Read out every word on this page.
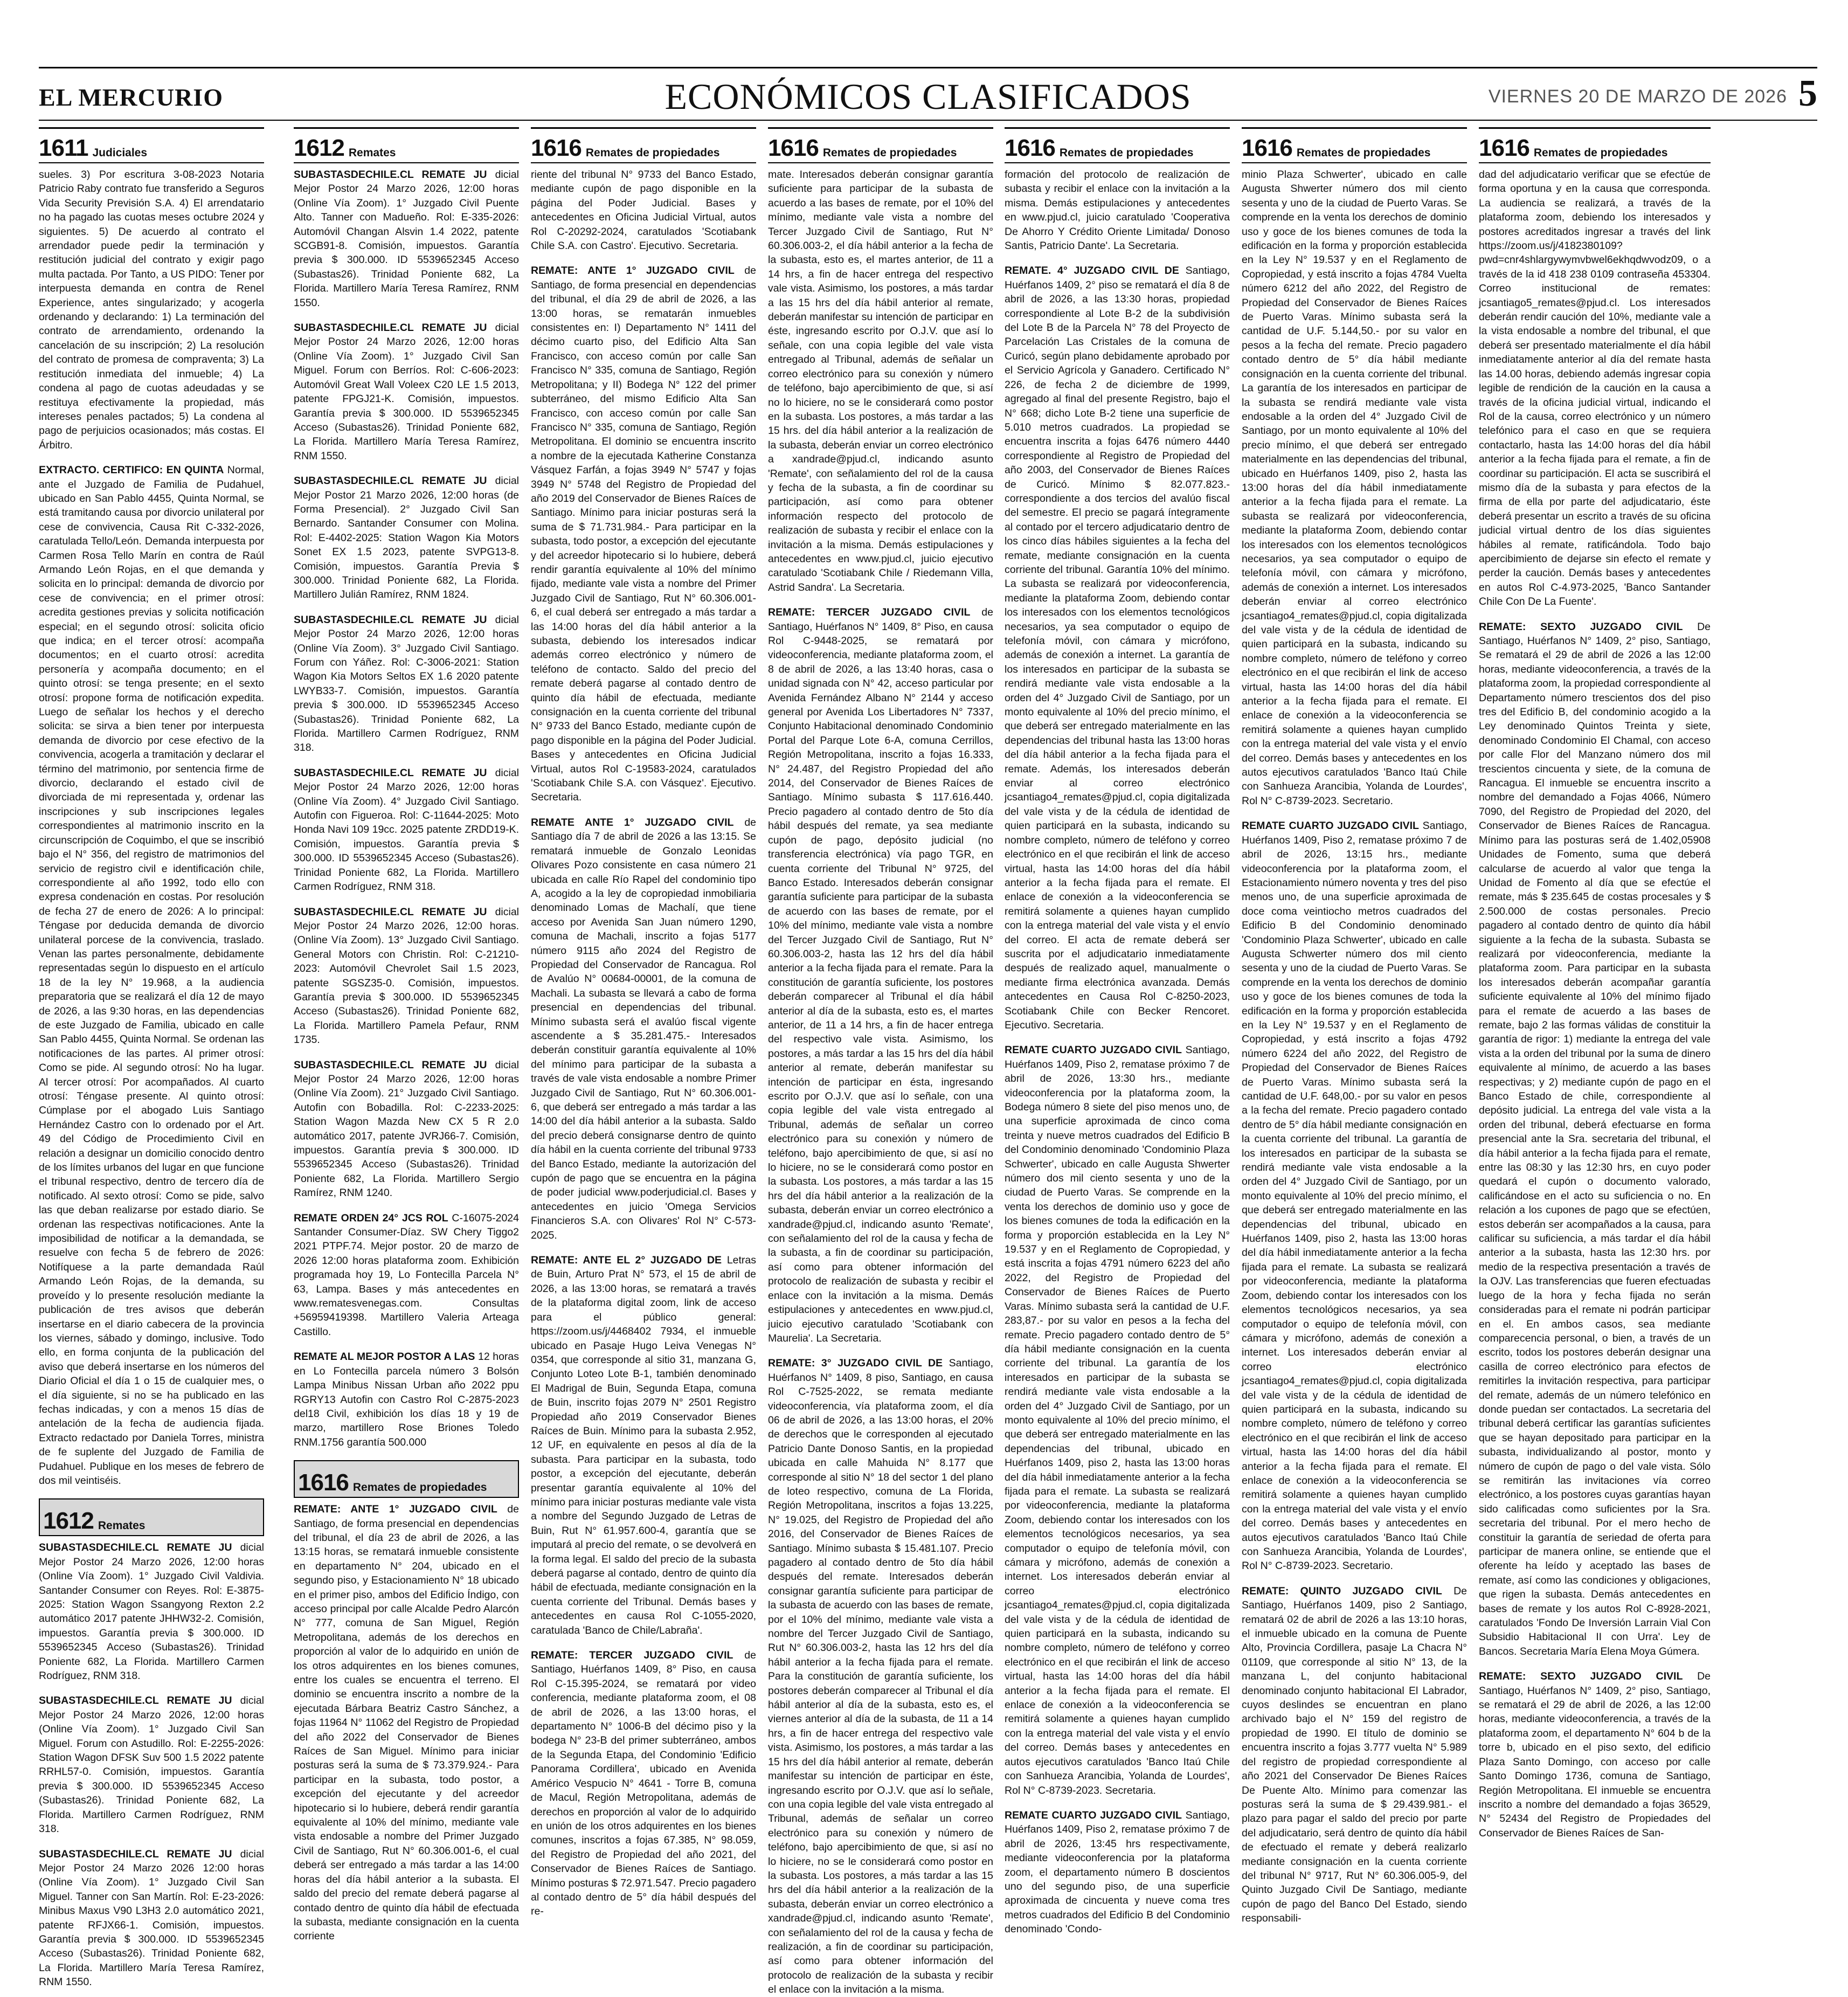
EL MERCURIO	ECONÓMICOS CLASIFICADOS	VIERNES 20 DE MARZO DE 2026 5
1611 Judiciales

sueles. 3) Por escritura 3-08-2023 Notaria Patricio Raby contrato fue transferido a Seguros Vida Security Previsión S.A. 4) El arrendatario no ha pagado las cuotas meses octubre 2024 y siguientes. 5) De acuerdo al contrato el arrendador puede pedir la terminación y restitución judicial del contrato y exigir pago multa pactada. Por Tanto, a US PIDO: Tener por interpuesta demanda en contra de Renel Experience, antes singularizado; y acogerla ordenando y declarando: 1) La terminación del contrato de arrendamiento, ordenando la cancelación de su inscripción; 2) La resolución del contrato de promesa de compraventa; 3) La restitución inmediata del inmueble; 4) La condena al pago de cuotas adeudadas y se restituya efectivamente la propiedad, más intereses penales pactados; 5) La condena al pago de perjuicios ocasionados; más costas. El Árbitro.

EXTRACTO. CERTIFICO: EN QUINTA Normal, ante el Juzgado de Familia de Pudahuel, ubicado en San Pablo 4455, Quinta Normal, se está tramitando causa por divorcio unilateral por cese de convivencia, Causa Rit C-332-2026, caratulada Tello/León. Demanda interpuesta por Carmen Rosa Tello Marín en contra de Raúl Armando León Rojas, en el que demanda y solicita en lo principal: demanda de divorcio por cese de convivencia; en el primer otrosí: acredita gestiones previas y solicita notificación especial; en el segundo otrosí: solicita oficio que indica; en el tercer otrosí: acompaña documentos; en el cuarto otrosí: acredita personería y acompaña documento; en el quinto otrosí: se tenga presente; en el sexto otrosí: propone forma de notificación expedita. Luego de señalar los hechos y el derecho solicita: se sirva a bien tener por interpuesta demanda de divorcio por cese efectivo de la convivencia, acogerla a tramitación y declarar el término del matrimonio, por sentencia firme de divorcio, declarando el estado civil de divorciada de mi representada y, ordenar las inscripciones y sub inscripciones legales correspondientes al matrimonio inscrito en la circunscripción de Coquimbo, el que se inscribió bajo el N° 356, del registro de matrimonios del servicio de registro civil e identificación chile, correspondiente al año 1992, todo ello con expresa condenación en costas. Por resolución de fecha 27 de enero de 2026: A lo principal: Téngase por deducida demanda de divorcio unilateral porcese de la convivencia, traslado. Venan las partes personalmente, debidamente representadas según lo dispuesto en el artículo 18 de la ley N° 19.968, a la audiencia preparatoria que se realizará el día 12 de mayo de 2026, a las 9:30 horas, en las dependencias de este Juzgado de Familia, ubicado en calle San Pablo 4455, Quinta Normal. Se ordenan las notificaciones de las partes. Al primer otrosí: Como se pide. Al segundo otrosí: No ha lugar. Al tercer otrosí: Por acompañados. Al cuarto otrosí: Téngase presente. Al quinto otrosí: Cúmplase por el abogado Luis Santiago Hernández Castro con lo ordenado por el Art. 49 del Código de Procedimiento Civil en relación a designar un domicilio conocido dentro de los límites urbanos del lugar en que funcione el tribunal respectivo, dentro de tercero día de notificado. Al sexto otrosí: Como se pide, salvo las que deban realizarse por estado diario. Se ordenan las respectivas notificaciones. Ante la imposibilidad de notificar a la demandada, se resuelve con fecha 5 de febrero de 2026: Notifíquese a la parte demandada Raúl Armando León Rojas, de la demanda, su proveído y lo presente resolución mediante la publicación de tres avisos que deberán insertarse en el diario cabecera de la provincia los viernes, sábado y domingo, inclusive. Todo ello, en forma conjunta de la publicación del aviso que deberá insertarse en los números del Diario Oficial el día 1 o 15 de cualquier mes, o el día siguiente, si no se ha publicado en las fechas indicadas, y con a menos 15 días de antelación de la fecha de audiencia fijada. Extracto redactado por Daniela Torres, ministra de fe suplente del Juzgado de Familia de Pudahuel. Publique en los meses de febrero de dos mil veintiséis.

1612 Remates

SUBASTASDECHILE.CL REMATE JU dicial Mejor Postor 24 Marzo 2026, 12:00 horas (Online Vía Zoom). 1° Juzgado Civil Valdivia. Santander Consumer con Reyes. Rol: E-3875-2025: Station Wagon Ssangyong Rexton 2.2 automático 2017 patente JHHW32-2. Comisión, impuestos. Garantía previa $ 300.000. ID 5539652345 Acceso (Subastas26). Trinidad Poniente 682, La Florida. Martillero Carmen Rodríguez, RNM 318.

SUBASTASDECHILE.CL REMATE JU dicial Mejor Postor 24 Marzo 2026, 12:00 horas (Online Vía Zoom). 1° Juzgado Civil San Miguel. Forum con Astudillo. Rol: E-2255-2026: Station Wagon DFSK Suv 500 1.5 2022 patente RRHL57-0. Comisión, impuestos. Garantía previa $ 300.000. ID 5539652345 Acceso (Subastas26). Trinidad Poniente 682, La Florida. Martillero Carmen Rodríguez, RNM 318.

SUBASTASDECHILE.CL REMATE JU dicial Mejor Postor 24 Marzo 2026 12:00 horas (Online Vía Zoom). 1° Juzgado Civil San Miguel. Tanner con San Martín. Rol: E-23-2026: Minibus Maxus V90 L3H3 2.0 automático 2021, patente RFJX66-1. Comisión, impuestos. Garantía previa $ 300.000. ID 5539652345 Acceso (Subastas26). Trinidad Poniente 682, La Florida. Martillero María Teresa Ramírez, RNM 1550.

1612 Remates

SUBASTASDECHILE.CL REMATE JU dicial Mejor Postor 24 Marzo 2026, 12:00 horas (Online Vía Zoom). 1° Juzgado Civil Puente Alto. Tanner con Madueño. Rol: E-335-2026: Automóvil Changan Alsvin 1.4 2022, patente SCGB91-8. Comisión, impuestos. Garantía previa $ 300.000. ID 5539652345 Acceso (Subastas26). Trinidad Poniente 682, La Florida. Martillero María Teresa Ramírez, RNM 1550.

SUBASTASDECHILE.CL REMATE JU dicial Mejor Postor 24 Marzo 2026, 12:00 horas (Online Vía Zoom). 1° Juzgado Civil San Miguel. Forum con Berríos. Rol: C-606-2023: Automóvil Great Wall Voleex C20 LE 1.5 2013, patente FPGJ21-K. Comisión, impuestos. Garantía previa $ 300.000. ID 5539652345 Acceso (Subastas26). Trinidad Poniente 682, La Florida. Martillero María Teresa Ramírez, RNM 1550.

SUBASTASDECHILE.CL REMATE JU dicial Mejor Postor 21 Marzo 2026, 12:00 horas (de Forma Presencial). 2° Juzgado Civil San Bernardo. Santander Consumer con Molina. Rol: E-4402-2025: Station Wagon Kia Motors Sonet EX 1.5 2023, patente SVPG13-8. Comisión, impuestos. Garantía Previa $ 300.000. Trinidad Poniente 682, La Florida. Martillero Julián Ramírez, RNM 1824.

SUBASTASDECHILE.CL REMATE JU dicial Mejor Postor 24 Marzo 2026, 12:00 horas (Online Vía Zoom). 3° Juzgado Civil Santiago. Forum con Yáñez. Rol: C-3006-2021: Station Wagon Kia Motors Seltos EX 1.6 2020 patente LWYB33-7. Comisión, impuestos. Garantía previa $ 300.000. ID 5539652345 Acceso (Subastas26). Trinidad Poniente 682, La Florida. Martillero Carmen Rodríguez, RNM 318.

SUBASTASDECHILE.CL REMATE JU dicial Mejor Postor 24 Marzo 2026, 12:00 horas (Online Vía Zoom). 4° Juzgado Civil Santiago. Autofin con Figueroa. Rol: C-11644-2025: Moto Honda Navi 109 19cc. 2025 patente ZRDD19-K. Comisión, impuestos. Garantía previa $ 300.000. ID 5539652345 Acceso (Subastas26). Trinidad Poniente 682, La Florida. Martillero Carmen Rodríguez, RNM 318.

SUBASTASDECHILE.CL REMATE JU dicial Mejor Postor 24 Marzo 2026, 12:00 horas. (Online Vía Zoom). 13° Juzgado Civil Santiago. General Motors con Christin. Rol: C-21210-2023: Automóvil Chevrolet Sail 1.5 2023, patente SGSZ35-0. Comisión, impuestos. Garantía previa $ 300.000. ID 5539652345 Acceso (Subastas26). Trinidad Poniente 682, La Florida. Martillero Pamela Pefaur, RNM 1735.

SUBASTASDECHILE.CL REMATE JU dicial Mejor Postor 24 Marzo 2026, 12:00 horas (Online Vía Zoom). 21° Juzgado Civil Santiago. Autofin con Bobadilla. Rol: C-2233-2025: Station Wagon Mazda New CX 5 R 2.0 automático 2017, patente JVRJ66-7. Comisión, impuestos. Garantía previa $ 300.000. ID 5539652345 Acceso (Subastas26). Trinidad Poniente 682, La Florida. Martillero Sergio Ramírez, RNM 1240.

REMATE ORDEN 24° JCS ROL C-16075-2024 Santander Consumer-Díaz. SW Chery Tiggo2 2021 PTPF.74. Mejor postor. 20 de marzo de 2026 12:00 horas plataforma zoom. Exhibición programada hoy 19, Lo Fontecilla Parcela N° 63, Lampa. Bases y más antecedentes en www.rematesvenegas.com. Consultas +56959419398. Martillero Valeria Arteaga Castillo.

REMATE AL MEJOR POSTOR A LAS 12 horas en Lo Fontecilla parcela número 3 Bolsón Lampa Minibus Nissan Urban año 2022 ppu RGRY13 Autofin con Castro Rol C-2875-2023 del18 Civil, exhibición los días 18 y 19 de marzo, martillero Rose Briones Toledo RNM.1756 garantía 500.000

1616 Remates de propiedades

REMATE: ANTE 1° JUZGADO CIVIL de Santiago, de forma presencial en dependencias del tribunal, el día 23 de abril de 2026, a las 13:15 horas, se rematará inmueble consistente en departamento N° 204, ubicado en el segundo piso, y Estacionamiento N° 18 ubicado en el primer piso, ambos del Edificio Índigo, con acceso principal por calle Alcalde Pedro Alarcón N° 777, comuna de San Miguel, Región Metropolitana, además de los derechos en proporción al valor de lo adquirido en unión de los otros adquirentes en los bienes comunes, entre los cuales se encuentra el terreno. El dominio se encuentra inscrito a nombre de la ejecutada Bárbara Beatriz Castro Sánchez, a fojas 11964 N° 11062 del Registro de Propiedad del año 2022 del Conservador de Bienes Raíces de San Miguel. Mínimo para iniciar posturas será la suma de $ 73.379.924.- Para participar en la subasta, todo postor, a excepción del ejecutante y del acreedor hipotecario si lo hubiere, deberá rendir garantía equivalente al 10% del mínimo, mediante vale vista endosable a nombre del Primer Juzgado Civil de Santiago, Rut N° 60.306.001-6, el cual deberá ser entregado a más tardar a las 14:00 horas del día hábil anterior a la subasta. El saldo del precio del remate deberá pagarse al contado dentro de quinto día hábil de efectuada la subasta, mediante consignación en la cuenta corriente

1616 Remates de propiedades

riente del tribunal N° 9733 del Banco Estado, mediante cupón de pago disponible en la página del Poder Judicial. Bases y antecedentes en Oficina Judicial Virtual, autos Rol C-20292-2024, caratulados 'Scotiabank Chile S.A. con Castro'. Ejecutivo. Secretaria.

REMATE: ANTE 1° JUZGADO CIVIL de Santiago, de forma presencial en dependencias del tribunal, el día 29 de abril de 2026, a las 13:00 horas, se rematarán inmuebles consistentes en: I) Departamento N° 1411 del décimo cuarto piso, del Edificio Alta San Francisco, con acceso común por calle San Francisco N° 335, comuna de Santiago, Región Metropolitana; y II) Bodega N° 122 del primer subterráneo, del mismo Edificio Alta San Francisco, con acceso común por calle San Francisco N° 335, comuna de Santiago, Región Metropolitana. El dominio se encuentra inscrito a nombre de la ejecutada Katherine Constanza Vásquez Farfán, a fojas 3949 N° 5747 y fojas 3949 N° 5748 del Registro de Propiedad del año 2019 del Conservador de Bienes Raíces de Santiago. Mínimo para iniciar posturas será la suma de $ 71.731.984.- Para participar en la subasta, todo postor, a excepción del ejecutante y del acreedor hipotecario si lo hubiere, deberá rendir garantía equivalente al 10% del mínimo fijado, mediante vale vista a nombre del Primer Juzgado Civil de Santiago, Rut N° 60.306.001-6, el cual deberá ser entregado a más tardar a las 14:00 horas del día hábil anterior a la subasta, debiendo los interesados indicar además correo electrónico y número de teléfono de contacto. Saldo del precio del remate deberá pagarse al contado dentro de quinto día hábil de efectuada, mediante consignación en la cuenta corriente del tribunal N° 9733 del Banco Estado, mediante cupón de pago disponible en la página del Poder Judicial. Bases y antecedentes en Oficina Judicial Virtual, autos Rol C-19583-2024, caratulados 'Scotiabank Chile S.A. con Vásquez'. Ejecutivo. Secretaria.

REMATE ANTE 1° JUZGADO CIVIL de Santiago día 7 de abril de 2026 a las 13:15. Se rematará inmueble de Gonzalo Leonidas Olivares Pozo consistente en casa número 21 ubicada en calle Río Rapel del condominio tipo A, acogido a la ley de copropiedad inmobiliaria denominado Lomas de Machalí, que tiene acceso por Avenida San Juan número 1290, comuna de Machali, inscrito a fojas 5177 número 9115 año 2024 del Registro de Propiedad del Conservador de Rancagua. Rol de Avalúo N° 00684-00001, de la comuna de Machali. La subasta se llevará a cabo de forma presencial en dependencias del tribunal. Mínimo subasta será el avalúo fiscal vigente ascendente a $ 35.281.475.- Interesados deberán constituir garantía equivalente al 10% del mínimo para participar de la subasta a través de vale vista endosable a nombre Primer Juzgado Civil de Santiago, Rut N° 60.306.001-6, que deberá ser entregado a más tardar a las 14:00 del día hábil anterior a la subasta. Saldo del precio deberá consignarse dentro de quinto día hábil en la cuenta corriente del tribunal 9733 del Banco Estado, mediante la autorización del cupón de pago que se encuentra en la página de poder judicial www.poderjudicial.cl. Bases y antecedentes en juicio 'Omega Servicios Financieros S.A. con Olivares' Rol N° C-573-2025.

REMATE: ANTE EL 2° JUZGADO DE Letras de Buin, Arturo Prat N° 573, el 15 de abril de 2026, a las 13:00 horas, se rematará a través de la plataforma digital zoom, link de acceso para el público general: https://zoom.us/j/4468402 7934, el inmueble ubicado en Pasaje Hugo Leiva Venegas N° 0354, que corresponde al sitio 31, manzana G, Conjunto Loteo Lote B-1, también denominado El Madrigal de Buin, Segunda Etapa, comuna de Buin, inscrito fojas 2079 N° 2501 Registro Propiedad año 2019 Conservador Bienes Raíces de Buin. Mínimo para la subasta 2.952, 12 UF, en equivalente en pesos al día de la subasta. Para participar en la subasta, todo postor, a excepción del ejecutante, deberán presentar garantía equivalente al 10% del mínimo para iniciar posturas mediante vale vista a nombre del Segundo Juzgado de Letras de Buin, Rut N° 61.957.600-4, garantía que se imputará al precio del remate, o se devolverá en la forma legal. El saldo del precio de la subasta deberá pagarse al contado, dentro de quinto día hábil de efectuada, mediante consignación en la cuenta corriente del Tribunal. Demás bases y antecedentes en causa Rol C-1055-2020, caratulada 'Banco de Chile/Labraña'.

REMATE: TERCER JUZGADO CIVIL de Santiago, Huérfanos 1409, 8° Piso, en causa Rol C-15.395-2024, se rematará por video conferencia, mediante plataforma zoom, el 08 de abril de 2026, a las 13:00 horas, el departamento N° 1006-B del décimo piso y la bodega N° 23-B del primer subterráneo, ambos de la Segunda Etapa, del Condominio 'Edificio Panorama Cordillera', ubicado en Avenida Américo Vespucio N° 4641 - Torre B, comuna de Macul, Región Metropolitana, además de derechos en proporción al valor de lo adquirido en unión de los otros adquirentes en los bienes comunes, inscritos a fojas 67.385, N° 98.059, del Registro de Propiedad del año 2021, del Conservador de Bienes Raíces de Santiago. Mínimo posturas $ 72.971.547. Precio pagadero al contado dentro de 5° día hábil después del re-

1616 Remates de propiedades

mate. Interesados deberán consignar garantía suficiente para participar de la subasta de acuerdo a las bases de remate, por el 10% del mínimo, mediante vale vista a nombre del Tercer Juzgado Civil de Santiago, Rut N° 60.306.003-2, el día hábil anterior a la fecha de la subasta, esto es, el martes anterior, de 11 a 14 hrs, a fin de hacer entrega del respectivo vale vista. Asimismo, los postores, a más tardar a las 15 hrs del día hábil anterior al remate, deberán manifestar su intención de participar en éste, ingresando escrito por O.J.V. que así lo señale, con una copia legible del vale vista entregado al Tribunal, además de señalar un correo electrónico para su conexión y número de teléfono, bajo apercibimiento de que, si así no lo hiciere, no se le considerará como postor en la subasta. Los postores, a más tardar a las 15 hrs. del día hábil anterior a la realización de la subasta, deberán enviar un correo electrónico a xandrade@pjud.cl, indicando asunto 'Remate', con señalamiento del rol de la causa y fecha de la subasta, a fin de coordinar su participación, así como para obtener información respecto del protocolo de realización de subasta y recibir el enlace con la invitación a la misma. Demás estipulaciones y antecedentes en www.pjud.cl, juicio ejecutivo caratulado 'Scotiabank Chile / Riedemann Villa, Astrid Sandra'. La Secretaria.

REMATE: TERCER JUZGADO CIVIL de Santiago, Huérfanos N° 1409, 8° Piso, en causa Rol C-9448-2025, se rematará por videoconferencia, mediante plataforma zoom, el 8 de abril de 2026, a las 13:40 horas, casa o unidad signada con N° 42, acceso particular por Avenida Fernández Albano N° 2144 y acceso general por Avenida Los Libertadores N° 7337, Conjunto Habitacional denominado Condominio Portal del Parque Lote 6-A, comuna Cerrillos, Región Metropolitana, inscrito a fojas 16.333, N° 24.487, del Registro Propiedad del año 2014, del Conservador de Bienes Raíces de Santiago. Mínimo subasta $ 117.616.440. Precio pagadero al contado dentro de 5to día hábil después del remate, ya sea mediante cupón de pago, depósito judicial (no transferencia electrónica) vía pago TGR, en cuenta corriente del Tribunal N° 9725, del Banco Estado. Interesados deberán consignar garantía suficiente para participar de la subasta de acuerdo con las bases de remate, por el 10% del mínimo, mediante vale vista a nombre del Tercer Juzgado Civil de Santiago, Rut N° 60.306.003-2, hasta las 12 hrs del día hábil anterior a la fecha fijada para el remate. Para la constitución de garantía suficiente, los postores deberán comparecer al Tribunal el día hábil anterior al día de la subasta, esto es, el martes anterior, de 11 a 14 hrs, a fin de hacer entrega del respectivo vale vista. Asimismo, los postores, a más tardar a las 15 hrs del día hábil anterior al remate, deberán manifestar su intención de participar en ésta, ingresando escrito por O.J.V. que así lo señale, con una copia legible del vale vista entregado al Tribunal, además de señalar un correo electrónico para su conexión y número de teléfono, bajo apercibimiento de que, si así no lo hiciere, no se le considerará como postor en la subasta. Los postores, a más tardar a las 15 hrs del día hábil anterior a la realización de la subasta, deberán enviar un correo electrónico a xandrade@pjud.cl, indicando asunto 'Remate', con señalamiento del rol de la causa y fecha de la subasta, a fin de coordinar su participación, así como para obtener información del protocolo de realización de subasta y recibir el enlace con la invitación a la misma. Demás estipulaciones y antecedentes en www.pjud.cl, juicio ejecutivo caratulado 'Scotiabank con Maurelia'. La Secretaria.

REMATE: 3° JUZGADO CIVIL DE Santiago, Huérfanos N° 1409, 8 piso, Santiago, en causa Rol C-7525-2022, se remata mediante videoconferencia, vía plataforma zoom, el día 06 de abril de 2026, a las 13:00 horas, el 20% de derechos que le corresponden al ejecutado Patricio Dante Donoso Santis, en la propiedad ubicada en calle Mahuida N° 8.177 que corresponde al sitio N° 18 del sector 1 del plano de loteo respectivo, comuna de La Florida, Región Metropolitana, inscritos a fojas 13.225, N° 19.025, del Registro de Propiedad del año 2016, del Conservador de Bienes Raíces de Santiago. Mínimo subasta $ 15.481.107. Precio pagadero al contado dentro de 5to día hábil después del remate. Interesados deberán consignar garantía suficiente para participar de la subasta de acuerdo con las bases de remate, por el 10% del mínimo, mediante vale vista a nombre del Tercer Juzgado Civil de Santiago, Rut N° 60.306.003-2, hasta las 12 hrs del día hábil anterior a la fecha fijada para el remate. Para la constitución de garantía suficiente, los postores deberán comparecer al Tribunal el día hábil anterior al día de la subasta, esto es, el viernes anterior al día de la subasta, de 11 a 14 hrs, a fin de hacer entrega del respectivo vale vista. Asimismo, los postores, a más tardar a las 15 hrs del día hábil anterior al remate, deberán manifestar su intención de participar en éste, ingresando escrito por O.J.V. que así lo señale, con una copia legible del vale vista entregado al Tribunal, además de señalar un correo electrónico para su conexión y número de teléfono, bajo apercibimiento de que, si así no lo hiciere, no se le considerará como postor en la subasta. Los postores, a más tardar a las 15 hrs del día hábil anterior a la realización de la subasta, deberán enviar un correo electrónico a xandrade@pjud.cl, indicando asunto 'Remate', con señalamiento del rol de la causa y fecha de realización, a fin de coordinar su participación, así como para obtener información del protocolo de realización de la subasta y recibir el enlace con la invitación a la misma.

1616 Remates de propiedades

formación del protocolo de realización de subasta y recibir el enlace con la invitación a la misma. Demás estipulaciones y antecedentes en www.pjud.cl, juicio caratulado 'Cooperativa De Ahorro Y Crédito Oriente Limitada/ Donoso Santis, Patricio Dante'. La Secretaria.

REMATE. 4° JUZGADO CIVIL DE Santiago, Huérfanos 1409, 2° piso se rematará el día 8 de abril de 2026, a las 13:30 horas, propiedad correspondiente al Lote B-2 de la subdivisión del Lote B de la Parcela N° 78 del Proyecto de Parcelación Las Cristales de la comuna de Curicó, según plano debidamente aprobado por el Servicio Agrícola y Ganadero. Certificado N° 226, de fecha 2 de diciembre de 1999, agregado al final del presente Registro, bajo el N° 668; dicho Lote B-2 tiene una superficie de 5.010 metros cuadrados. La propiedad se encuentra inscrita a fojas 6476 número 4440 correspondiente al Registro de Propiedad del año 2003, del Conservador de Bienes Raíces de Curicó. Mínimo $ 82.077.823.- correspondiente a dos tercios del avalúo fiscal del semestre. El precio se pagará íntegramente al contado por el tercero adjudicatario dentro de los cinco días hábiles siguientes a la fecha del remate, mediante consignación en la cuenta corriente del tribunal. Garantía 10% del mínimo. La subasta se realizará por videoconferencia, mediante la plataforma Zoom, debiendo contar los interesados con los elementos tecnológicos necesarios, ya sea computador o equipo de telefonía móvil, con cámara y micrófono, además de conexión a internet. La garantía de los interesados en participar de la subasta se rendirá mediante vale vista endosable a la orden del 4° Juzgado Civil de Santiago, por un monto equivalente al 10% del precio mínimo, el que deberá ser entregado materialmente en las dependencias del tribunal hasta las 13:00 horas del día hábil anterior a la fecha fijada para el remate. Además, los interesados deberán enviar al correo electrónico jcsantiago4_remates@pjud.cl, copia digitalizada del vale vista y de la cédula de identidad de quien participará en la subasta, indicando su nombre completo, número de teléfono y correo electrónico en el que recibirán el link de acceso virtual, hasta las 14:00 horas del día hábil anterior a la fecha fijada para el remate. El enlace de conexión a la videoconferencia se remitirá solamente a quienes hayan cumplido con la entrega material del vale vista y el envío del correo. El acta de remate deberá ser suscrita por el adjudicatario inmediatamente después de realizado aquel, manualmente o mediante firma electrónica avanzada. Demás antecedentes en Causa Rol C-8250-2023, Scotiabank Chile con Becker Rencoret. Ejecutivo. Secretaria.

REMATE CUARTO JUZGADO CIVIL Santiago, Huérfanos 1409, Piso 2, rematase próximo 7 de abril de 2026, 13:30 hrs., mediante videoconferencia por la plataforma zoom, la Bodega número 8 siete del piso menos uno, de una superficie aproximada de cinco coma treinta y nueve metros cuadrados del Edificio B del Condominio denominado 'Condominio Plaza Schwerter', ubicado en calle Augusta Shwerter número dos mil ciento sesenta y uno de la ciudad de Puerto Varas. Se comprende en la venta los derechos de dominio uso y goce de los bienes comunes de toda la edificación en la forma y proporción establecida en la Ley N° 19.537 y en el Reglamento de Copropiedad, y está inscrita a fojas 4791 número 6223 del año 2022, del Registro de Propiedad del Conservador de Bienes Raíces de Puerto Varas. Mínimo subasta será la cantidad de U.F. 283,87.- por su valor en pesos a la fecha del remate. Precio pagadero contado dentro de 5° día hábil mediante consignación en la cuenta corriente del tribunal. La garantía de los interesados en participar de la subasta se rendirá mediante vale vista endosable a la orden del 4° Juzgado Civil de Santiago, por un monto equivalente al 10% del precio mínimo, el que deberá ser entregado materialmente en las dependencias del tribunal, ubicado en Huérfanos 1409, piso 2, hasta las 13:00 horas del día hábil inmediatamente anterior a la fecha fijada para el remate. La subasta se realizará por videoconferencia, mediante la plataforma Zoom, debiendo contar los interesados con los elementos tecnológicos necesarios, ya sea computador o equipo de telefonía móvil, con cámara y micrófono, además de conexión a internet. Los interesados deberán enviar al correo electrónico jcsantiago4_remates@pjud.cl, copia digitalizada del vale vista y de la cédula de identidad de quien participará en la subasta, indicando su nombre completo, número de teléfono y correo electrónico en el que recibirán el link de acceso virtual, hasta las 14:00 horas del día hábil anterior a la fecha fijada para el remate. El enlace de conexión a la videoconferencia se remitirá solamente a quienes hayan cumplido con la entrega material del vale vista y el envío del correo. Demás bases y antecedentes en autos ejecutivos caratulados 'Banco Itaú Chile con Sanhueza Arancibia, Yolanda de Lourdes', Rol N° C-8739-2023. Secretaria.

REMATE CUARTO JUZGADO CIVIL Santiago, Huérfanos 1409, Piso 2, rematase próximo 7 de abril de 2026, 13:45 hrs respectivamente, mediante videoconferencia por la plataforma zoom, el departamento número B doscientos uno del segundo piso, de una superficie aproximada de cincuenta y nueve coma tres metros cuadrados del Edificio B del Condominio denominado 'Condo-

1616 Remates de propiedades

minio Plaza Schwerter', ubicado en calle Augusta Shwerter número dos mil ciento sesenta y uno de la ciudad de Puerto Varas. Se comprende en la venta los derechos de dominio uso y goce de los bienes comunes de toda la edificación en la forma y proporción establecida en la Ley N° 19.537 y en el Reglamento de Copropiedad, y está inscrito a fojas 4784 Vuelta número 6212 del año 2022, del Registro de Propiedad del Conservador de Bienes Raíces de Puerto Varas. Mínimo subasta será la cantidad de U.F. 5.144,50.- por su valor en pesos a la fecha del remate. Precio pagadero contado dentro de 5° día hábil mediante consignación en la cuenta corriente del tribunal. La garantía de los interesados en participar de la subasta se rendirá mediante vale vista endosable a la orden del 4° Juzgado Civil de Santiago, por un monto equivalente al 10% del precio mínimo, el que deberá ser entregado materialmente en las dependencias del tribunal, ubicado en Huérfanos 1409, piso 2, hasta las 13:00 horas del día hábil inmediatamente anterior a la fecha fijada para el remate. La subasta se realizará por videoconferencia, mediante la plataforma Zoom, debiendo contar los interesados con los elementos tecnológicos necesarios, ya sea computador o equipo de telefonía móvil, con cámara y micrófono, además de conexión a internet. Los interesados deberán enviar al correo electrónico jcsantiago4_remates@pjud.cl, copia digitalizada del vale vista y de la cédula de identidad de quien participará en la subasta, indicando su nombre completo, número de teléfono y correo electrónico en el que recibirán el link de acceso virtual, hasta las 14:00 horas del día hábil anterior a la fecha fijada para el remate. El enlace de conexión a la videoconferencia se remitirá solamente a quienes hayan cumplido con la entrega material del vale vista y el envío del correo. Demás bases y antecedentes en los autos ejecutivos caratulados 'Banco Itaú Chile con Sanhueza Arancibia, Yolanda de Lourdes', Rol N° C-8739-2023. Secretario.

REMATE CUARTO JUZGADO CIVIL Santiago, Huérfanos 1409, Piso 2, rematase próximo 7 de abril de 2026, 13:15 hrs., mediante videoconferencia por la plataforma zoom, el Estacionamiento número noventa y tres del piso menos uno, de una superficie aproximada de doce coma veintiocho metros cuadrados del Edificio B del Condominio denominado 'Condominio Plaza Schwerter', ubicado en calle Augusta Schwerter número dos mil ciento sesenta y uno de la ciudad de Puerto Varas. Se comprende en la venta los derechos de dominio uso y goce de los bienes comunes de toda la edificación en la forma y proporción establecida en la Ley N° 19.537 y en el Reglamento de Copropiedad, y está inscrito a fojas 4792 número 6224 del año 2022, del Registro de Propiedad del Conservador de Bienes Raíces de Puerto Varas. Mínimo subasta será la cantidad de U.F. 648,00.- por su valor en pesos a la fecha del remate. Precio pagadero contado dentro de 5° día hábil mediante consignación en la cuenta corriente del tribunal. La garantía de los interesados en participar de la subasta se rendirá mediante vale vista endosable a la orden del 4° Juzgado Civil de Santiago, por un monto equivalente al 10% del precio mínimo, el que deberá ser entregado materialmente en las dependencias del tribunal, ubicado en Huérfanos 1409, piso 2, hasta las 13:00 horas del día hábil inmediatamente anterior a la fecha fijada para el remate. La subasta se realizará por videoconferencia, mediante la plataforma Zoom, debiendo contar los interesados con los elementos tecnológicos necesarios, ya sea computador o equipo de telefonía móvil, con cámara y micrófono, además de conexión a internet. Los interesados deberán enviar al correo electrónico jcsantiago4_remates@pjud.cl, copia digitalizada del vale vista y de la cédula de identidad de quien participará en la subasta, indicando su nombre completo, número de teléfono y correo electrónico en el que recibirán el link de acceso virtual, hasta las 14:00 horas del día hábil anterior a la fecha fijada para el remate. El enlace de conexión a la videoconferencia se remitirá solamente a quienes hayan cumplido con la entrega material del vale vista y el envío del correo. Demás bases y antecedentes en autos ejecutivos caratulados 'Banco Itaú Chile con Sanhueza Arancibia, Yolanda de Lourdes', Rol N° C-8739-2023. Secretario.

REMATE: QUINTO JUZGADO CIVIL De Santiago, Huérfanos 1409, piso 2 Santiago, rematará 02 de abril de 2026 a las 13:10 horas, el inmueble ubicado en la comuna de Puente Alto, Provincia Cordillera, pasaje La Chacra N° 01109, que corresponde al sitio N° 13, de la manzana L, del conjunto habitacional denominado conjunto habitacional El Labrador, cuyos deslindes se encuentran en plano archivado bajo el N° 159 del registro de propiedad de 1990. El título de dominio se encuentra inscrito a fojas 3.777 vuelta N° 5.989 del registro de propiedad correspondiente al año 2021 del Conservador De Bienes Raíces De Puente Alto. Mínimo para comenzar las posturas será la suma de $ 29.439.981.- el plazo para pagar el saldo del precio por parte del adjudicatario, será dentro de quinto día hábil de efectuado el remate y deberá realizarlo mediante consignación en la cuenta corriente del tribunal N° 9717, Rut N° 60.306.005-9, del Quinto Juzgado Civil De Santiago, mediante cupón de pago del Banco Del Estado, siendo responsabili-

1616 Remates de propiedades

dad del adjudicatario verificar que se efectúe de forma oportuna y en la causa que corresponda. La audiencia se realizará, a través de la plataforma zoom, debiendo los interesados y postores acreditados ingresar a través del link https://zoom.us/j/4182380109?pwd=cnr4shlargywymvbwel6ekhqdwvodz09, o a través de la id 418 238 0109 contraseña 453304. Correo institucional de remates: jcsantiago5_remates@pjud.cl. Los interesados deberán rendir caución del 10%, mediante vale a la vista endosable a nombre del tribunal, el que deberá ser presentado materialmente el día hábil inmediatamente anterior al día del remate hasta las 14.00 horas, debiendo además ingresar copia legible de rendición de la caución en la causa a través de la oficina judicial virtual, indicando el Rol de la causa, correo electrónico y un número telefónico para el caso en que se requiera contactarlo, hasta las 14:00 horas del día hábil anterior a la fecha fijada para el remate, a fin de coordinar su participación. El acta se suscribirá el mismo día de la subasta y para efectos de la firma de ella por parte del adjudicatario, éste deberá presentar un escrito a través de su oficina judicial virtual dentro de los días siguientes hábiles al remate, ratificándola. Todo bajo apercibimiento de dejarse sin efecto el remate y perder la caución. Demás bases y antecedentes en autos Rol C-4.973-2025, 'Banco Santander Chile Con De La Fuente'.

REMATE: SEXTO JUZGADO CIVIL De Santiago, Huérfanos N° 1409, 2° piso, Santiago, Se rematará el 29 de abril de 2026 a las 12:00 horas, mediante videoconferencia, a través de la plataforma zoom, la propiedad correspondiente al Departamento número trescientos dos del piso tres del Edificio B, del condominio acogido a la Ley denominado Quintos Treinta y siete, denominado Condominio El Chamal, con acceso por calle Flor del Manzano número dos mil trescientos cincuenta y siete, de la comuna de Rancagua. El inmueble se encuentra inscrito a nombre del demandado a Fojas 4066, Número 7090, del Registro de Propiedad del 2020, del Conservador de Bienes Raíces de Rancagua. Mínimo para las posturas será de 1.402,05908 Unidades de Fomento, suma que deberá calcularse de acuerdo al valor que tenga la Unidad de Fomento al día que se efectúe el remate, más $ 235.645 de costas procesales y $ 2.500.000 de costas personales. Precio pagadero al contado dentro de quinto día hábil siguiente a la fecha de la subasta. Subasta se realizará por videoconferencia, mediante la plataforma zoom. Para participar en la subasta los interesados deberán acompañar garantía suficiente equivalente al 10% del mínimo fijado para el remate de acuerdo a las bases de remate, bajo 2 las formas válidas de constituir la garantía de rigor: 1) mediante la entrega del vale vista a la orden del tribunal por la suma de dinero equivalente al mínimo, de acuerdo a las bases respectivas; y 2) mediante cupón de pago en el Banco Estado de chile, correspondiente al depósito judicial. La entrega del vale vista a la orden del tribunal, deberá efectuarse en forma presencial ante la Sra. secretaria del tribunal, el día hábil anterior a la fecha fijada para el remate, entre las 08:30 y las 12:30 hrs, en cuyo poder quedará el cupón o documento valorado, calificándose en el acto su suficiencia o no. En relación a los cupones de pago que se efectúen, estos deberán ser acompañados a la causa, para calificar su suficiencia, a más tardar el día hábil anterior a la subasta, hasta las 12:30 hrs. por medio de la respectiva presentación a través de la OJV. Las transferencias que fueren efectuadas luego de la hora y fecha fijada no serán consideradas para el remate ni podrán participar en el. En ambos casos, sea mediante comparecencia personal, o bien, a través de un escrito, todos los postores deberán designar una casilla de correo electrónico para efectos de remitirles la invitación respectiva, para participar del remate, además de un número telefónico en donde puedan ser contactados. La secretaria del tribunal deberá certificar las garantías suficientes que se hayan depositado para participar en la subasta, individualizando al postor, monto y número de cupón de pago o del vale vista. Sólo se remitirán las invitaciones vía correo electrónico, a los postores cuyas garantías hayan sido calificadas como suficientes por la Sra. secretaria del tribunal. Por el mero hecho de constituir la garantía de seriedad de oferta para participar de manera online, se entiende que el oferente ha leído y aceptado las bases de remate, así como las condiciones y obligaciones, que rigen la subasta. Demás antecedentes en bases de remate y los autos Rol C-8928-2021, caratulados 'Fondo De Inversión Larrain Vial Con Subsidio Habitacional II con Urra'. Ley de Bancos. Secretaria María Elena Moya Gúmera.

REMATE: SEXTO JUZGADO CIVIL De Santiago, Huérfanos N° 1409, 2° piso, Santiago, se rematará el 29 de abril de 2026, a las 12:00 horas, mediante videoconferencia, a través de la plataforma zoom, el departamento N° 604 b de la torre b, ubicado en el piso sexto, del edificio Plaza Santo Domingo, con acceso por calle Santo Domingo 1736, comuna de Santiago, Región Metropolitana. El inmueble se encuentra inscrito a nombre del demandado a fojas 36529, N° 52434 del Registro de Propiedades del Conservador de Bienes Raíces de San-
